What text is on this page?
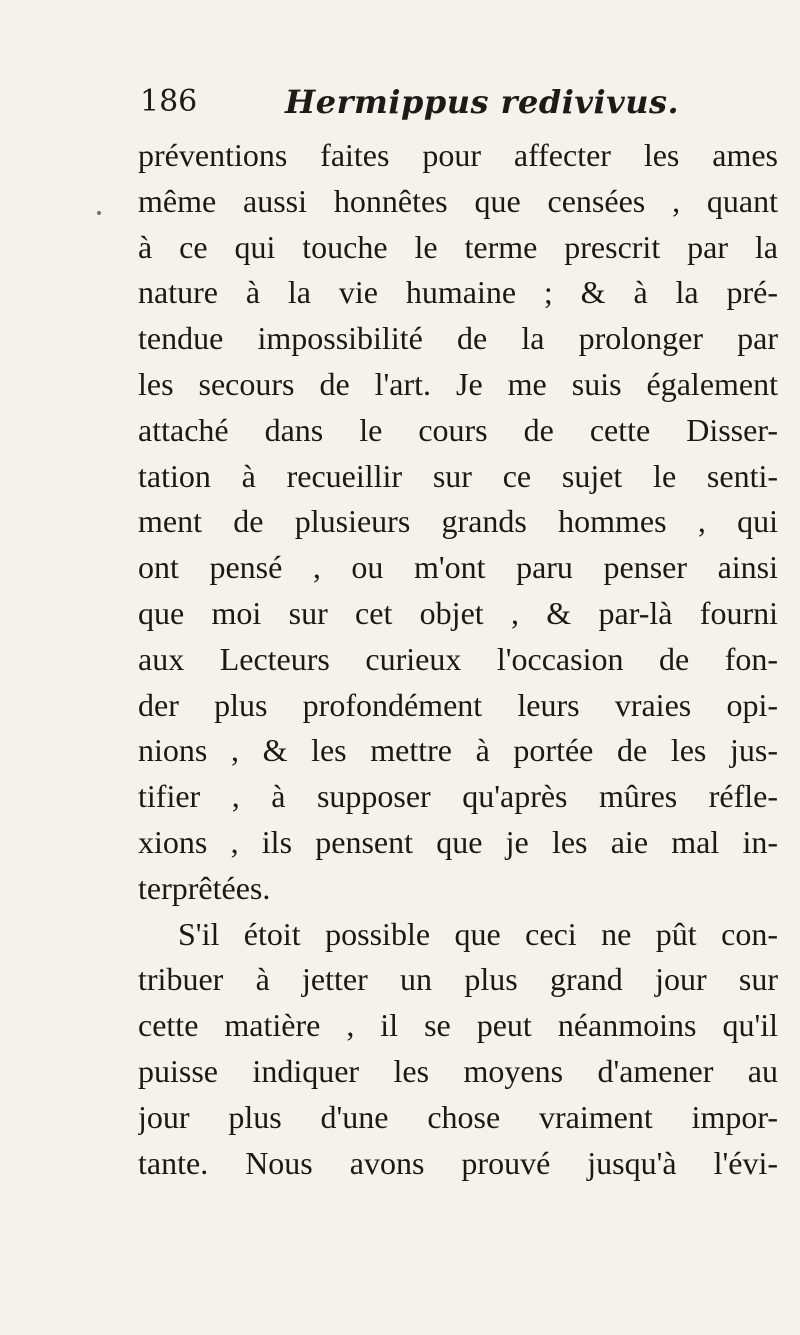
186	Hermippus redivivus.
préventions faites pour affecter les ames
même aussi honnêtes que censées , quant
à ce qui touche le terme prescrit par la
nature à la vie humaine ; & à la pré-
tendue impossibilité de la prolonger par
les secours de l'art. Je me suis également
attaché dans le cours de cette Disser-
tation à recueillir sur ce sujet le senti-
ment de plusieurs grands hommes , qui
ont pensé , ou m'ont paru penser ainsi
que moi sur cet objet , & par-là fourni
aux Lecteurs curieux l'occasion de fon-
der plus profondément leurs vraies opi-
nions , & les mettre à portée de les jus-
tifier , à supposer qu'après mûres réfle-
xions , ils pensent que je les aie mal in-
terprêtées.
S'il étoit possible que ceci ne pût con-
tribuer à jetter un plus grand jour sur
cette matière , il se peut néanmoins qu'il
puisse indiquer les moyens d'amener au
jour plus d'une chose vraiment impor-
tante. Nous avons prouvé jusqu'à l'évi-
